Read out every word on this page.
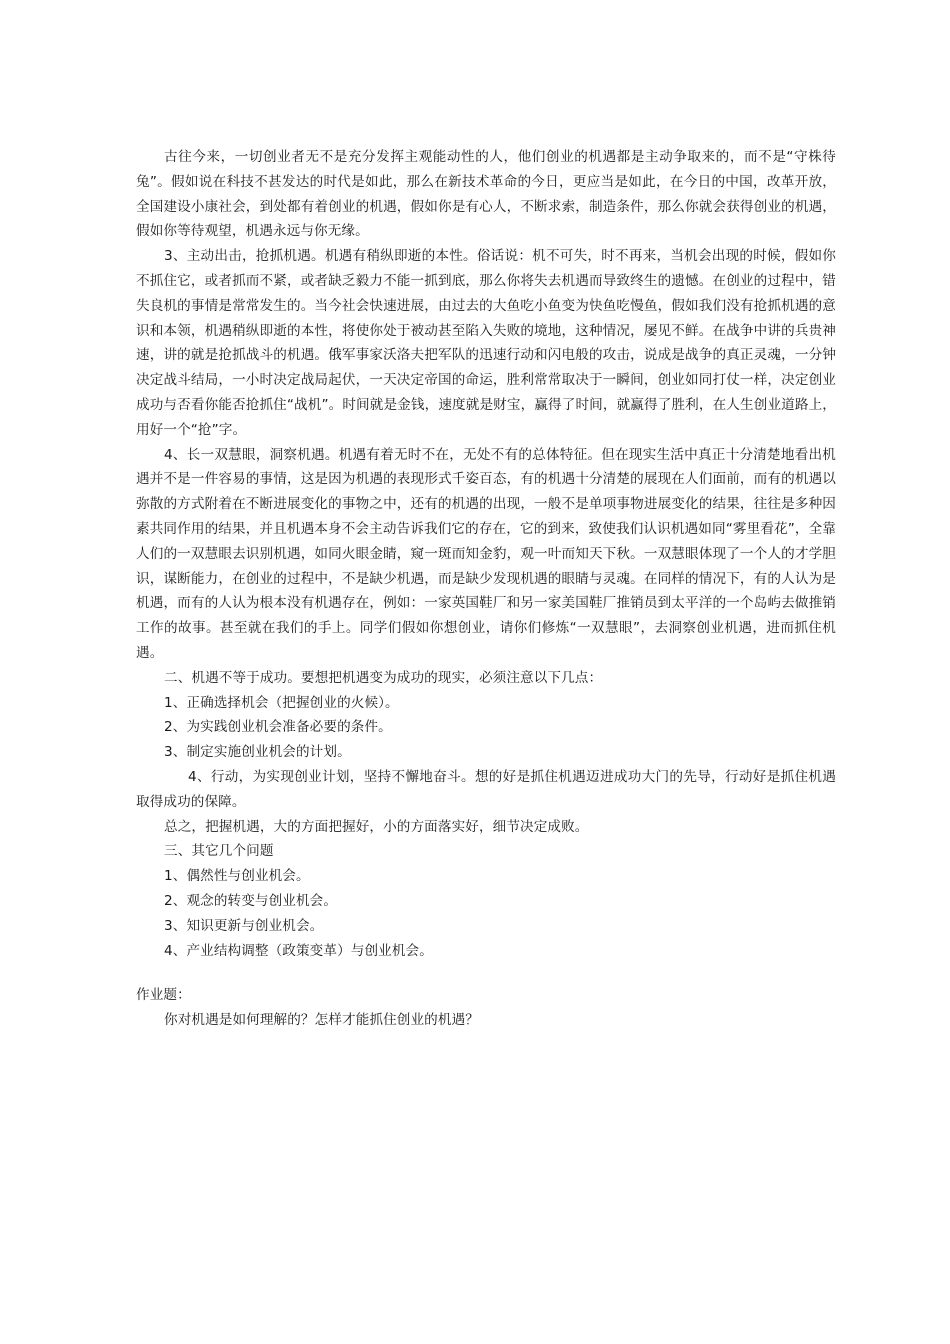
古往今来，一切创业者无不是充分发挥主观能动性的人，他们创业的机遇都是主动争取来的，而不是“守株待兔”。假如说在科技不甚发达的时代是如此，那么在新技术革命的今日，更应当是如此，在今日的中国，改革开放，全国建设小康社会，到处都有着创业的机遇，假如你是有心人，不断求索，制造条件，那么你就会获得创业的机遇，假如你等待观望，机遇永远与你无缘。

3、主动出击，抢抓机遇。机遇有稍纵即逝的本性。俗话说：机不可失，时不再来，当机会出现的时候，假如你不抓住它，或者抓而不紧，或者缺乏毅力不能一抓到底，那么你将失去机遇而导致终生的遗憾。在创业的过程中，错失良机的事情是常常发生的。当今社会快速进展，由过去的大鱼吃小鱼变为快鱼吃慢鱼，假如我们没有抢抓机遇的意识和本领，机遇稍纵即逝的本性，将使你处于被动甚至陷入失败的境地，这种情况，屡见不鲜。在战争中讲的兵贵神速，讲的就是抢抓战斗的机遇。俄军事家沃洛夫把军队的迅速行动和闪电般的攻击，说成是战争的真正灵魂，一分钟决定战斗结局，一小时决定战局起伏，一天决定帝国的命运，胜利常常取决于一瞬间，创业如同打仗一样，决定创业成功与否看你能否抢抓住“战机”。时间就是金钱，速度就是财宝，赢得了时间，就赢得了胜利，在人生创业道路上，用好一个“抢”字。

4、长一双慧眼，洞察机遇。机遇有着无时不在，无处不有的总体特征。但在现实生活中真正十分清楚地看出机遇并不是一件容易的事情，这是因为机遇的表现形式千姿百态，有的机遇十分清楚的展现在人们面前，而有的机遇以弥散的方式附着在不断进展变化的事物之中，还有的机遇的出现，一般不是单项事物进展变化的结果，往往是多种因素共同作用的结果，并且机遇本身不会主动告诉我们它的存在，它的到来，致使我们认识机遇如同“雾里看花”，全靠人们的一双慧眼去识别机遇，如同火眼金睛，窥一斑而知金豹，观一叶而知天下秋。一双慧眼体现了一个人的才学胆识，谋断能力，在创业的过程中，不是缺少机遇，而是缺少发现机遇的眼睛与灵魂。在同样的情况下，有的人认为是机遇，而有的人认为根本没有机遇存在，例如：一家英国鞋厂和另一家美国鞋厂推销员到太平洋的一个岛屿去做推销工作的故事。甚至就在我们的手上。同学们假如你想创业，请你们修炼“一双慧眼”，去洞察创业机遇，进而抓住机遇。

二、机遇不等于成功。要想把机遇变为成功的现实，必须注意以下几点：

1、正确选择机会（把握创业的火候）。

2、为实践创业机会准备必要的条件。

3、制定实施创业机会的计划。

4、行动，为实现创业计划，坚持不懈地奋斗。想的好是抓住机遇迈进成功大门的先导，行动好是抓住机遇取得成功的保障。

总之，把握机遇，大的方面把握好，小的方面落实好，细节决定成败。

三、其它几个问题

1、偶然性与创业机会。

2、观念的转变与创业机会。

3、知识更新与创业机会。

4、产业结构调整（政策变革）与创业机会。

作业题：

你对机遇是如何理解的？怎样才能抓住创业的机遇？
